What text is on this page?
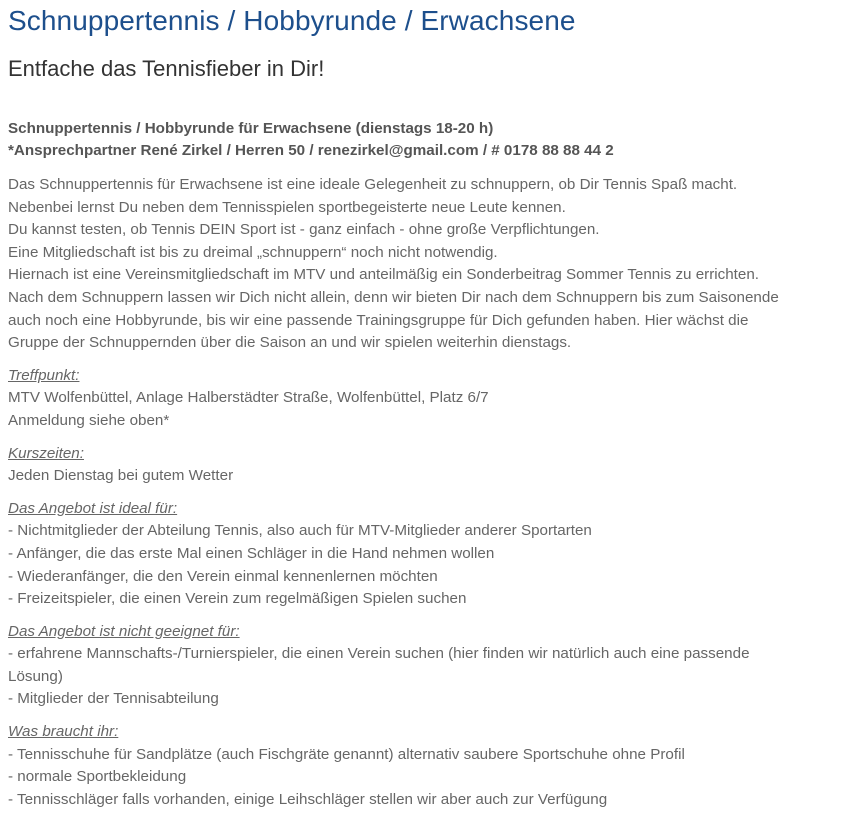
Schnuppertennis / Hobbyrunde / Erwachsene
Entfache das Tennisfieber in Dir!
Schnuppertennis / Hobbyrunde für Erwachsene (dienstags 18-20 h)
*Ansprechpartner René Zirkel / Herren 50 / renezirkel@gmail.com / # 0178 88 88 44 2
Das Schnuppertennis für Erwachsene ist eine ideale Gelegenheit zu schnuppern, ob Dir Tennis Spaß macht.
Nebenbei lernst Du neben dem Tennisspielen sportbegeisterte neue Leute kennen.
Du kannst testen, ob Tennis DEIN Sport ist - ganz einfach - ohne große Verpflichtungen.
Eine Mitgliedschaft ist bis zu dreimal „schnuppern“ noch nicht notwendig.
Hiernach ist eine Vereinsmitgliedschaft im MTV und anteilmäßig ein Sonderbeitrag Sommer Tennis zu errichten.
Nach dem Schnuppern lassen wir Dich nicht allein, denn wir bieten Dir nach dem Schnuppern bis zum Saisonende
auch noch eine Hobbyrunde, bis wir eine passende Trainingsgruppe für Dich gefunden haben. Hier wächst die
Gruppe der Schnuppernden über die Saison an und wir spielen weiterhin dienstags.
Treffpunkt:
MTV Wolfenbüttel, Anlage Halberstädter Straße, Wolfenbüttel, Platz 6/7
Anmeldung siehe oben*
Kurszeiten:
Jeden Dienstag bei gutem Wetter
Das Angebot ist ideal für:
- Nichtmitglieder der Abteilung Tennis, also auch für MTV-Mitglieder anderer Sportarten
- Anfänger, die das erste Mal einen Schläger in die Hand nehmen wollen
- Wiederanfänger, die den Verein einmal kennenlernen möchten
- Freizeitspieler, die einen Verein zum regelmäßigen Spielen suchen
Das Angebot ist nicht geeignet für:
- erfahrene Mannschafts-/Turnierspieler, die einen Verein suchen (hier finden wir natürlich auch eine passende
Lösung)
- Mitglieder der Tennisabteilung
Was braucht ihr:
- Tennisschuhe für Sandplätze (auch Fischgräte genannt) alternativ saubere Sportschuhe ohne Profil
- normale Sportbekleidung
- Tennisschläger falls vorhanden, einige Leihschläger stellen wir aber auch zur Verfügung
